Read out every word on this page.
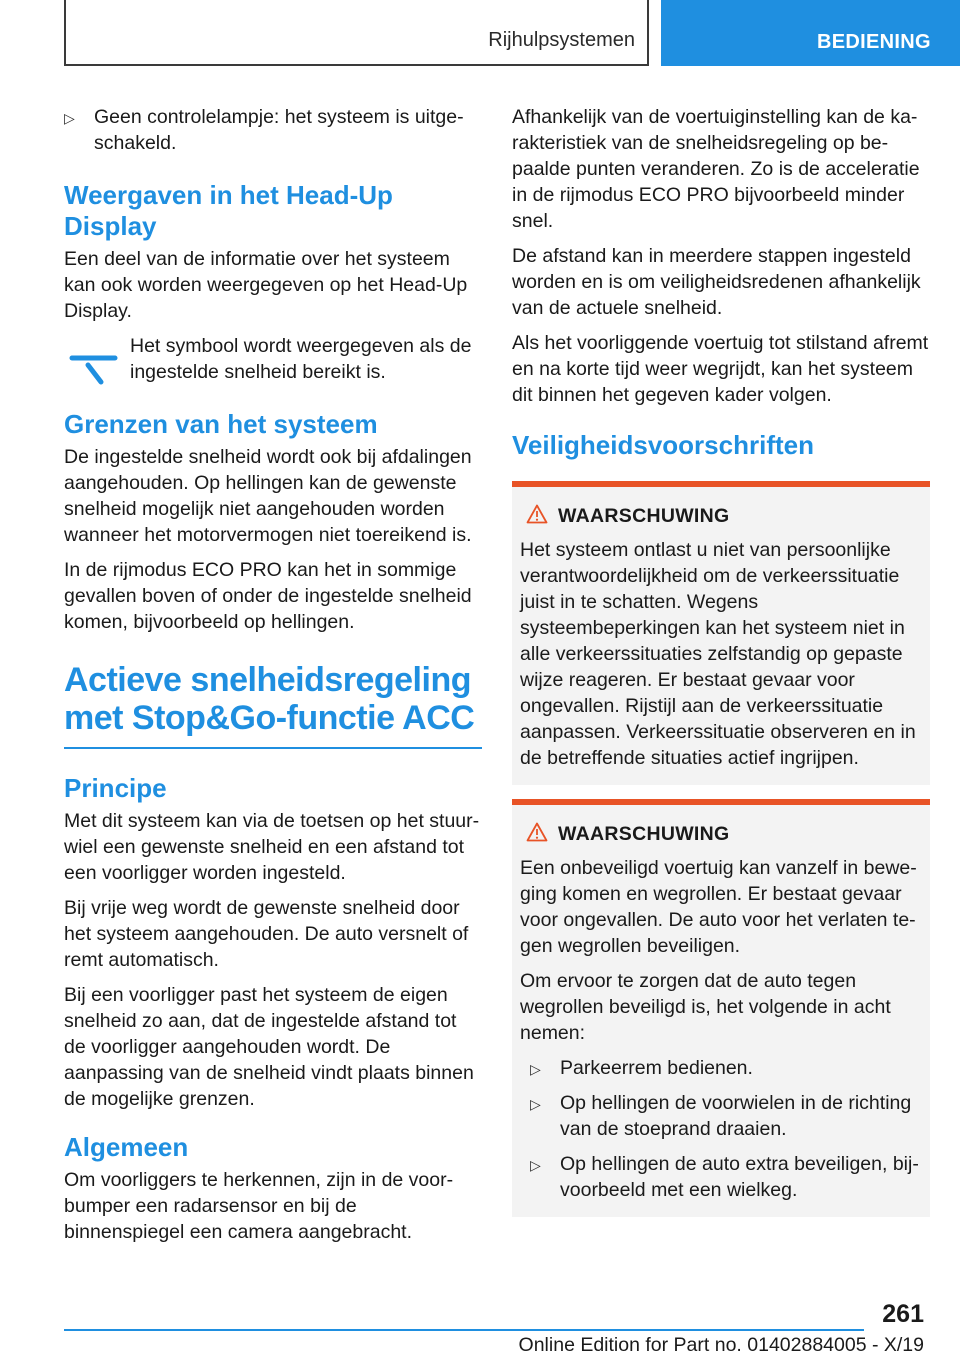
Rijhulpsystemen	BEDIENING
▷ Geen controlelampje: het systeem is uitgeschakeld.
Weergaven in het Head-Up Display

Een deel van de informatie over het systeem kan ook worden weergegeven op het Head-Up Display.

Het symbool wordt weergegeven als de ingestelde snelheid bereikt is.
Grenzen van het systeem

De ingestelde snelheid wordt ook bij afdalingen aangehouden. Op hellingen kan de gewenste snelheid mogelijk niet aangehouden worden wanneer het motorvermogen niet toereikend is.

In de rijmodus ECO PRO kan het in sommige gevallen boven of onder de ingestelde snelheid komen, bijvoorbeeld op hellingen.

Actieve snelheidsregeling met Stop&Go-functie ACC
Principe

Met dit systeem kan via de toetsen op het stuurwiel een gewenste snelheid en een afstand tot een voorligger worden ingesteld.

Bij vrije weg wordt de gewenste snelheid door het systeem aangehouden. De auto versnelt of remt automatisch.

Bij een voorligger past het systeem de eigen snelheid zo aan, dat de ingestelde afstand tot de voorligger aangehouden wordt. De aanpassing van de snelheid vindt plaats binnen de mogelijke grenzen.

Algemeen

Om voorliggers te herkennen, zijn in de voorbumper een radarsensor en bij de binnenspiegel een camera aangebracht.

Afhankelijk van de voertuiginstelling kan de karakteristiek van de snelheidsregeling op bepaalde punten veranderen. Zo is de acceleratie in de rijmodus ECO PRO bijvoorbeeld minder snel.

De afstand kan in meerdere stappen ingesteld worden en is om veiligheidsredenen afhankelijk van de actuele snelheid.

Als het voorliggende voertuig tot stilstand afremt en na korte tijd weer wegrijdt, kan het systeem dit binnen het gegeven kader volgen.

Veiligheidsvoorschriften
WAARSCHUWING

Het systeem ontlast u niet van persoonlijke verantwoordelijkheid om de verkeerssituatie juist in te schatten. Wegens systeembeperkingen kan het systeem niet in alle verkeerssituaties zelfstandig op gepaste wijze reageren. Er bestaat gevaar voor ongevallen. Rijstijl aan de verkeerssituatie aanpassen. Verkeerssituatie observeren en in de betreffende situaties actief ingrijpen.

WAARSCHUWING

Een onbeveiligd voertuig kan vanzelf in beweging komen en wegrollen. Er bestaat gevaar voor ongevallen. De auto voor het verlaten tegen wegrollen beveiligen.

Om ervoor te zorgen dat de auto tegen wegrollen beveiligd is, het volgende in acht nemen:

▷ Parkeerrem bedienen.
▷ Op hellingen de voorwielen in de richting van de stoeprand draaien.
▷ Op hellingen de auto extra beveiligen, bijvoorbeeld met een wielkeg.
261
Online Edition for Part no. 01402884005 - X/19
